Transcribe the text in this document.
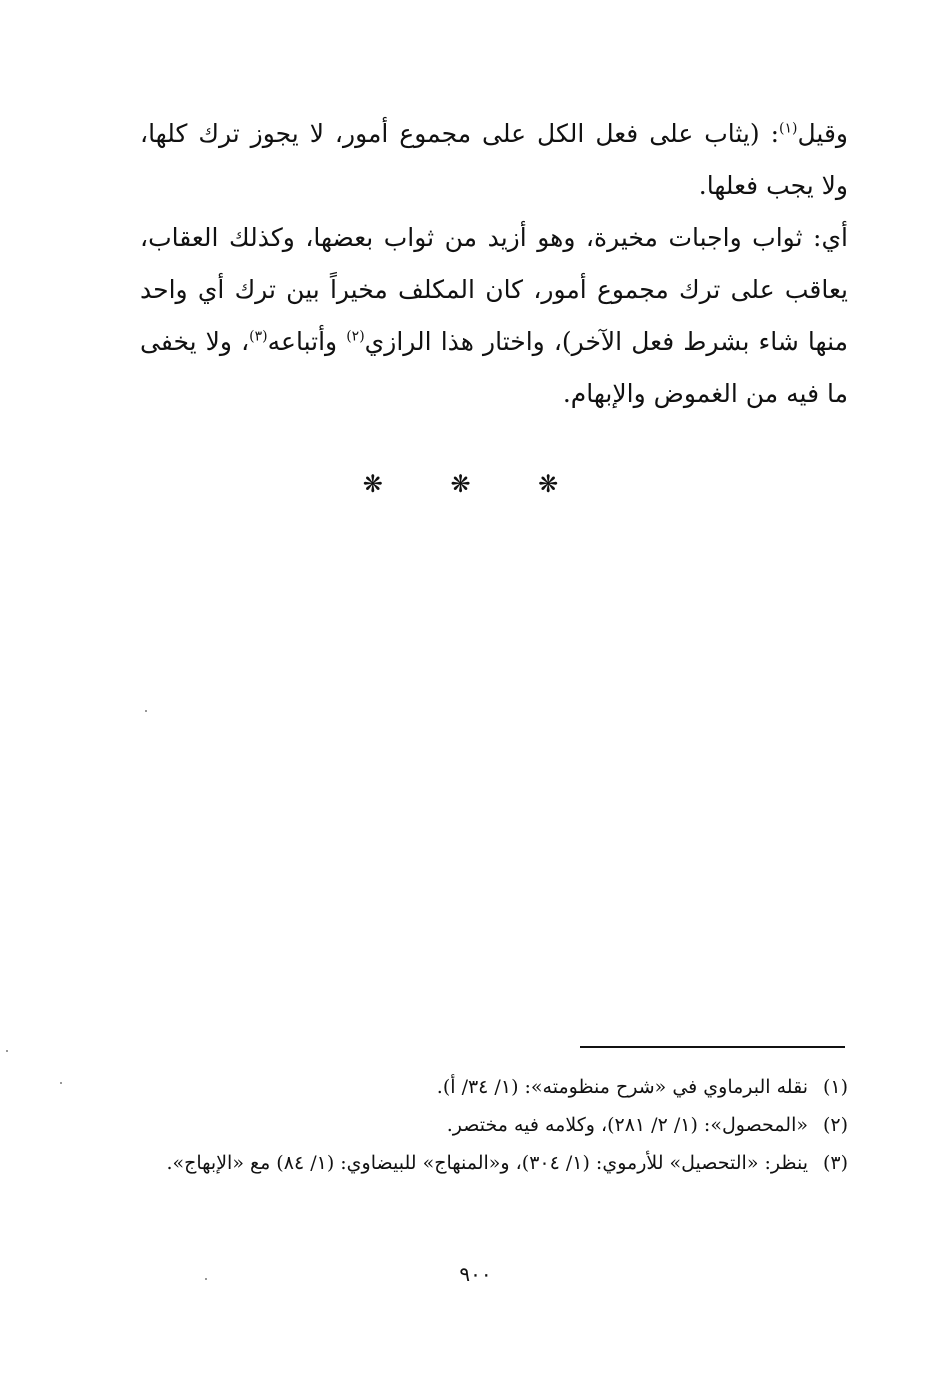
وقيل$^{(١)}$: (يثاب على فعل الكل على مجموع أمور، لا يجوز ترك كلها، ولا يجب فعلها.

أي: ثواب واجبات مخيرة، وهو أزيد من ثواب بعضها، وكذلك العقاب، يعاقب على ترك مجموع أمور، كان المكلف مخيراً بين ترك أي واحد منها شاء بشرط فعل الآخر)، واختار هذا الرازي$^{(٢)}$ وأتباعه$^{(٣)}$، ولا يخفى ما فيه من الغموض والإبهام.

❋ ❋ ❋
(١)
نقله البرماوي في «شرح منظومته»: (١/ ٣٤/ أ).
(٢)
«المحصول»: (١/ ٢/ ٢٨١)، وكلامه فيه مختصر.
(٣)
ينظر: «التحصيل» للأرموي: (١/ ٣٠٤)، و«المنهاج» للبيضاوي: (١/ ٨٤) مع «الإبهاج».
٩٠٠
